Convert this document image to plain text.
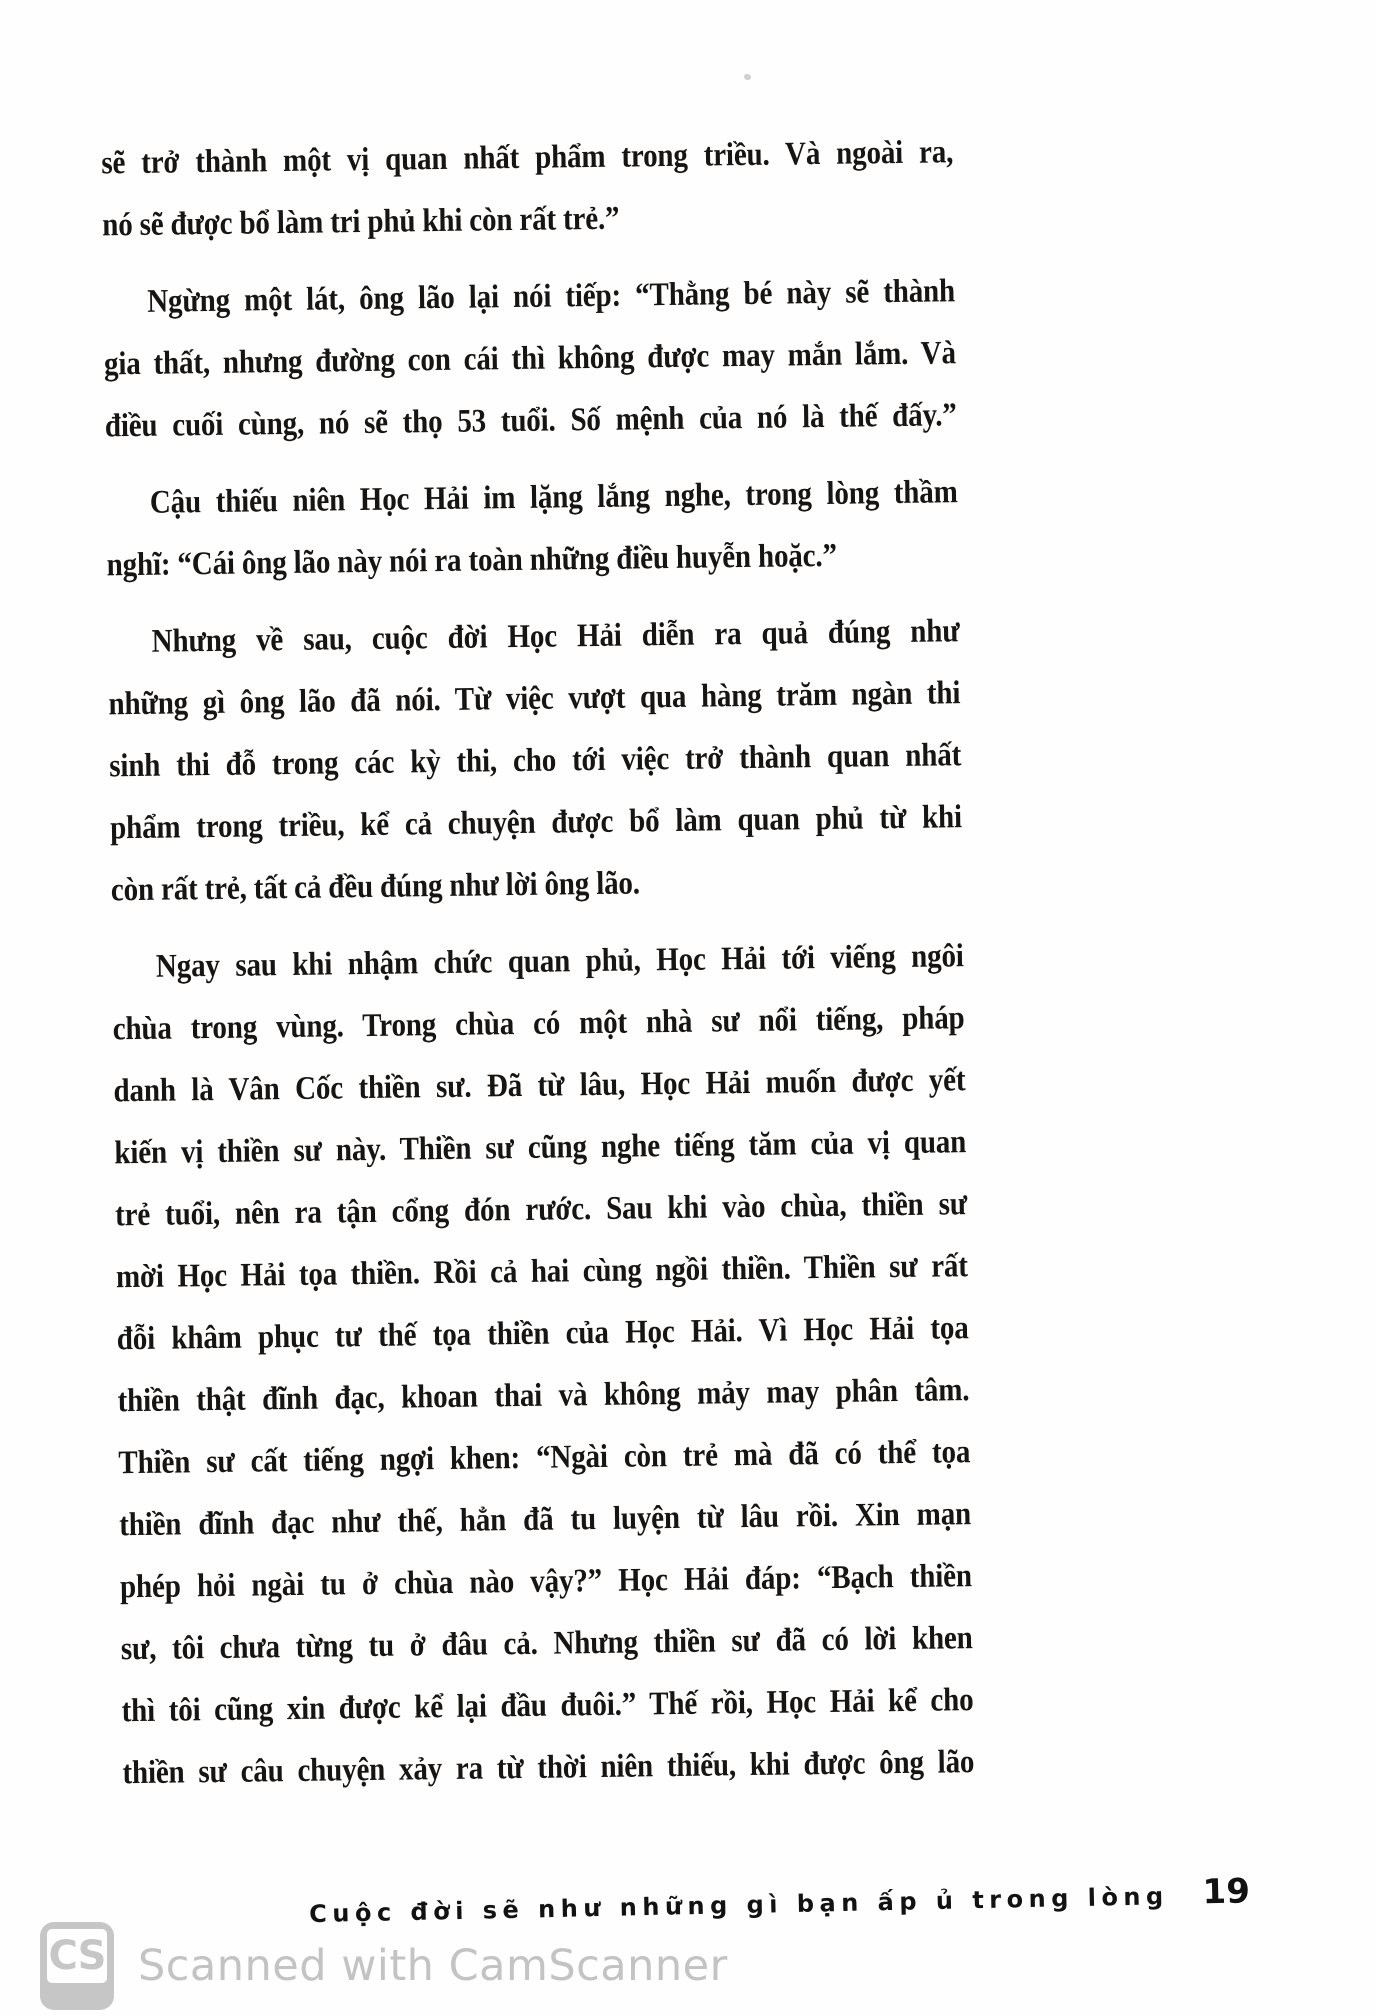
sẽ trở thành một vị quan nhất phẩm trong triều. Và ngoài ra,
nó sẽ được bổ làm tri phủ khi còn rất trẻ.”
Ngừng một lát, ông lão lại nói tiếp: “Thằng bé này sẽ thành
gia thất, nhưng đường con cái thì không được may mắn lắm. Và
điều cuối cùng, nó sẽ thọ 53 tuổi. Số mệnh của nó là thế đấy.”
Cậu thiếu niên Học Hải im lặng lắng nghe, trong lòng thầm
nghĩ: “Cái ông lão này nói ra toàn những điều huyễn hoặc.”
Nhưng về sau, cuộc đời Học Hải diễn ra quả đúng như
những gì ông lão đã nói. Từ việc vượt qua hàng trăm ngàn thi
sinh thi đỗ trong các kỳ thi, cho tới việc trở thành quan nhất
phẩm trong triều, kể cả chuyện được bổ làm quan phủ từ khi
còn rất trẻ, tất cả đều đúng như lời ông lão.
Ngay sau khi nhậm chức quan phủ, Học Hải tới viếng ngôi
chùa trong vùng. Trong chùa có một nhà sư nổi tiếng, pháp
danh là Vân Cốc thiền sư. Đã từ lâu, Học Hải muốn được yết
kiến vị thiền sư này. Thiền sư cũng nghe tiếng tăm của vị quan
trẻ tuổi, nên ra tận cổng đón rước. Sau khi vào chùa, thiền sư
mời Học Hải tọa thiền. Rồi cả hai cùng ngồi thiền. Thiền sư rất
đỗi khâm phục tư thế tọa thiền của Học Hải. Vì Học Hải tọa
thiền thật đĩnh đạc, khoan thai và không mảy may phân tâm.
Thiền sư cất tiếng ngợi khen: “Ngài còn trẻ mà đã có thể tọa
thiền đĩnh đạc như thế, hẳn đã tu luyện từ lâu rồi. Xin mạn
phép hỏi ngài tu ở chùa nào vậy?” Học Hải đáp: “Bạch thiền
sư, tôi chưa từng tu ở đâu cả. Nhưng thiền sư đã có lời khen
thì tôi cũng xin được kể lại đầu đuôi.” Thế rồi, Học Hải kể cho
thiền sư câu chuyện xảy ra từ thời niên thiếu, khi được ông lão
Cuộc đời sẽ như những gì bạn ấp ủ trong lòng 19
CS Scanned with CamScanner
